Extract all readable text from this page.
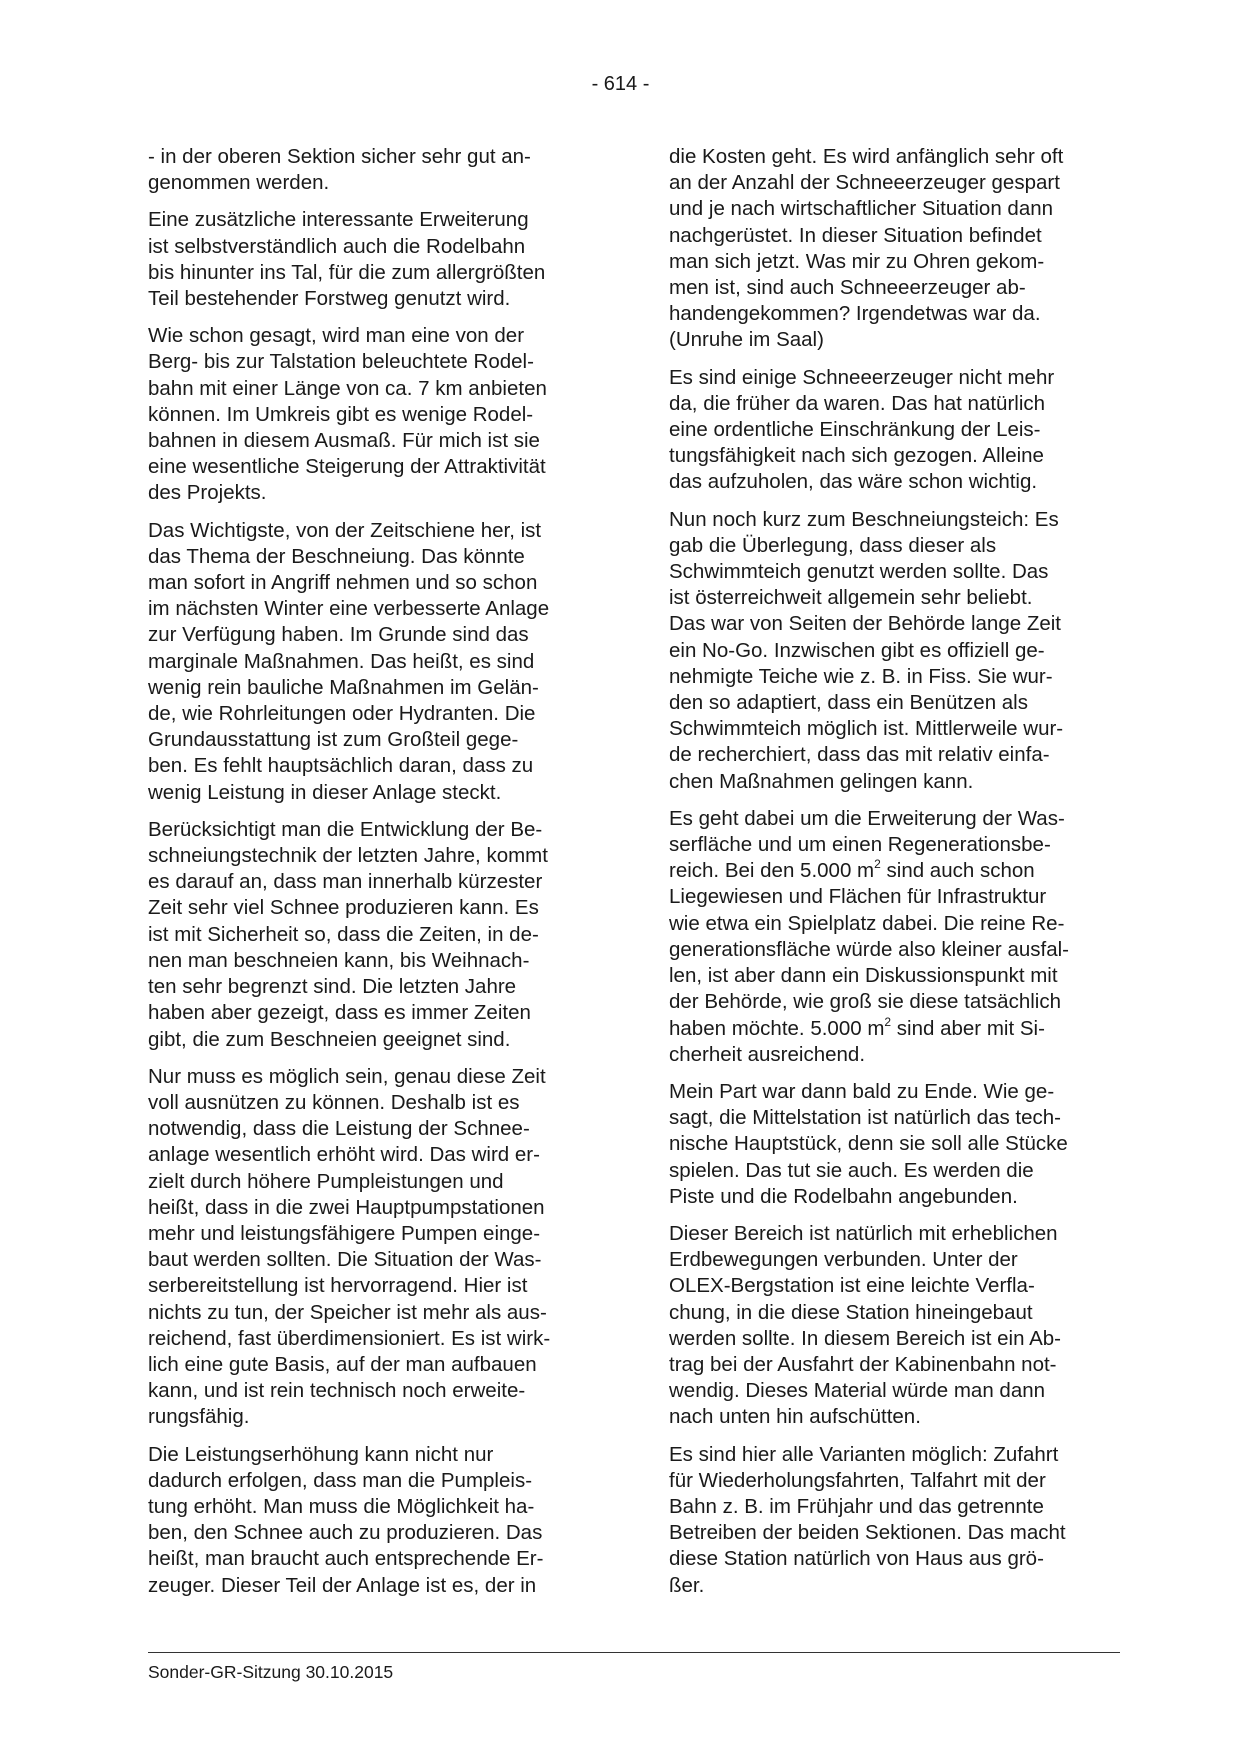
- 614 -

- in der oberen Sektion sicher sehr gut an-
genommen werden.

Eine zusätzliche interessante Erweiterung
ist selbstverständlich auch die Rodelbahn
bis hinunter ins Tal, für die zum allergrößten
Teil bestehender Forstweg genutzt wird.

Wie schon gesagt, wird man eine von der
Berg- bis zur Talstation beleuchtete Rodel-
bahn mit einer Länge von ca. 7 km anbieten
können. Im Umkreis gibt es wenige Rodel-
bahnen in diesem Ausmaß. Für mich ist sie
eine wesentliche Steigerung der Attraktivität
des Projekts.

Das Wichtigste, von der Zeitschiene her, ist
das Thema der Beschneiung. Das könnte
man sofort in Angriff nehmen und so schon
im nächsten Winter eine verbesserte Anlage
zur Verfügung haben. Im Grunde sind das
marginale Maßnahmen. Das heißt, es sind
wenig rein bauliche Maßnahmen im Gelän-
de, wie Rohrleitungen oder Hydranten. Die
Grundausstattung ist zum Großteil gege-
ben. Es fehlt hauptsächlich daran, dass zu
wenig Leistung in dieser Anlage steckt.

Berücksichtigt man die Entwicklung der Be-
schneiungstechnik der letzten Jahre, kommt
es darauf an, dass man innerhalb kürzester
Zeit sehr viel Schnee produzieren kann. Es
ist mit Sicherheit so, dass die Zeiten, in de-
nen man beschneien kann, bis Weihnach-
ten sehr begrenzt sind. Die letzten Jahre
haben aber gezeigt, dass es immer Zeiten
gibt, die zum Beschneien geeignet sind.

Nur muss es möglich sein, genau diese Zeit
voll ausnützen zu können. Deshalb ist es
notwendig, dass die Leistung der Schnee-
anlage wesentlich erhöht wird. Das wird er-
zielt durch höhere Pumpleistungen und
heißt, dass in die zwei Hauptpumpstationen
mehr und leistungsfähigere Pumpen einge-
baut werden sollten. Die Situation der Was-
serbereitstellung ist hervorragend. Hier ist
nichts zu tun, der Speicher ist mehr als aus-
reichend, fast überdimensioniert. Es ist wirk-
lich eine gute Basis, auf der man aufbauen
kann, und ist rein technisch noch erweite-
rungsfähig.

Die Leistungserhöhung kann nicht nur
dadurch erfolgen, dass man die Pumpleis-
tung erhöht. Man muss die Möglichkeit ha-
ben, den Schnee auch zu produzieren. Das
heißt, man braucht auch entsprechende Er-
zeuger. Dieser Teil der Anlage ist es, der in

die Kosten geht. Es wird anfänglich sehr oft
an der Anzahl der Schneeerzeuger gespart
und je nach wirtschaftlicher Situation dann
nachgerüstet. In dieser Situation befindet
man sich jetzt. Was mir zu Ohren gekom-
men ist, sind auch Schneeerzeuger ab-
handengekommen? Irgendetwas war da.
(Unruhe im Saal)

Es sind einige Schneeerzeuger nicht mehr
da, die früher da waren. Das hat natürlich
eine ordentliche Einschränkung der Leis-
tungsfähigkeit nach sich gezogen. Alleine
das aufzuholen, das wäre schon wichtig.

Nun noch kurz zum Beschneiungsteich: Es
gab die Überlegung, dass dieser als
Schwimmteich genutzt werden sollte. Das
ist österreichweit allgemein sehr beliebt.
Das war von Seiten der Behörde lange Zeit
ein No-Go. Inzwischen gibt es offiziell ge-
nehmigte Teiche wie z. B. in Fiss. Sie wur-
den so adaptiert, dass ein Benützen als
Schwimmteich möglich ist. Mittlerweile wur-
de recherchiert, dass das mit relativ einfa-
chen Maßnahmen gelingen kann.

Es geht dabei um die Erweiterung der Was-
serfläche und um einen Regenerationsbe-
reich. Bei den 5.000 $m^2$ sind auch schon
Liegewiesen und Flächen für Infrastruktur
wie etwa ein Spielplatz dabei. Die reine Re-
generationsfläche würde also kleiner ausfal-
len, ist aber dann ein Diskussionspunkt mit
der Behörde, wie groß sie diese tatsächlich
haben möchte. 5.000 $m^2$ sind aber mit Si-
cherheit ausreichend.

Mein Part war dann bald zu Ende. Wie ge-
sagt, die Mittelstation ist natürlich das tech-
nische Hauptstück, denn sie soll alle Stücke
spielen. Das tut sie auch. Es werden die
Piste und die Rodelbahn angebunden.

Dieser Bereich ist natürlich mit erheblichen
Erdbewegungen verbunden. Unter der
OLEX-Bergstation ist eine leichte Verfla-
chung, in die diese Station hineingebaut
werden sollte. In diesem Bereich ist ein Ab-
trag bei der Ausfahrt der Kabinenbahn not-
wendig. Dieses Material würde man dann
nach unten hin aufschütten.

Es sind hier alle Varianten möglich: Zufahrt
für Wiederholungsfahrten, Talfahrt mit der
Bahn z. B. im Frühjahr und das getrennte
Betreiben der beiden Sektionen. Das macht
diese Station natürlich von Haus aus grö-
ßer.

Sonder-GR-Sitzung 30.10.2015
